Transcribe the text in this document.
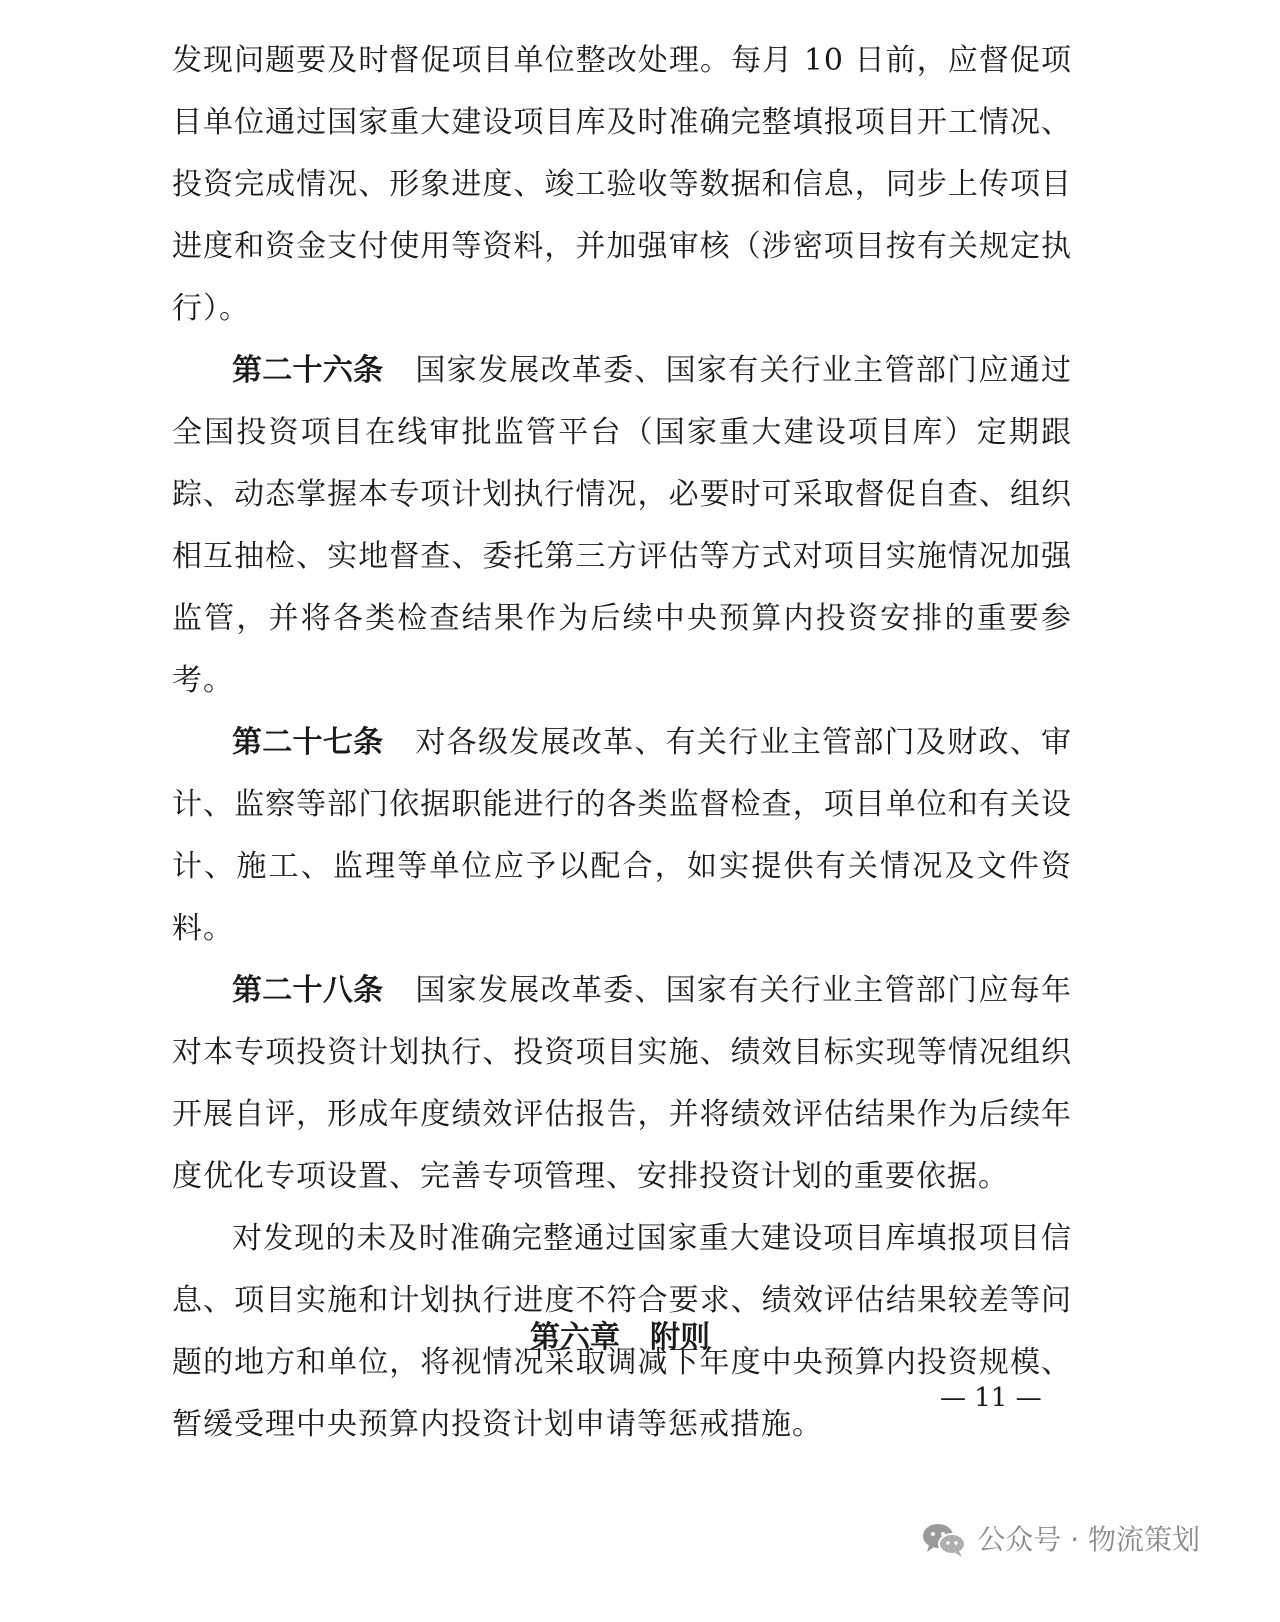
发现问题要及时督促项目单位整改处理。每月 10 日前，应督促项目单位通过国家重大建设项目库及时准确完整填报项目开工情况、投资完成情况、形象进度、竣工验收等数据和信息，同步上传项目进度和资金支付使用等资料，并加强审核（涉密项目按有关规定执行）。

第二十六条 国家发展改革委、国家有关行业主管部门应通过全国投资项目在线审批监管平台（国家重大建设项目库）定期跟踪、动态掌握本专项计划执行情况，必要时可采取督促自查、组织相互抽检、实地督查、委托第三方评估等方式对项目实施情况加强监管，并将各类检查结果作为后续中央预算内投资安排的重要参考。

第二十七条 对各级发展改革、有关行业主管部门及财政、审计、监察等部门依据职能进行的各类监督检查，项目单位和有关设计、施工、监理等单位应予以配合，如实提供有关情况及文件资料。

第二十八条 国家发展改革委、国家有关行业主管部门应每年对本专项投资计划执行、投资项目实施、绩效目标实现等情况组织开展自评，形成年度绩效评估报告，并将绩效评估结果作为后续年度优化专项设置、完善专项管理、安排投资计划的重要依据。

对发现的未及时准确完整通过国家重大建设项目库填报项目信息、项目实施和计划执行进度不符合要求、绩效评估结果较差等问题的地方和单位，将视情况采取调减下年度中央预算内投资规模、暂缓受理中央预算内投资计划申请等惩戒措施。

第六章　附则
— 11 —
公众号 · 物流策划
